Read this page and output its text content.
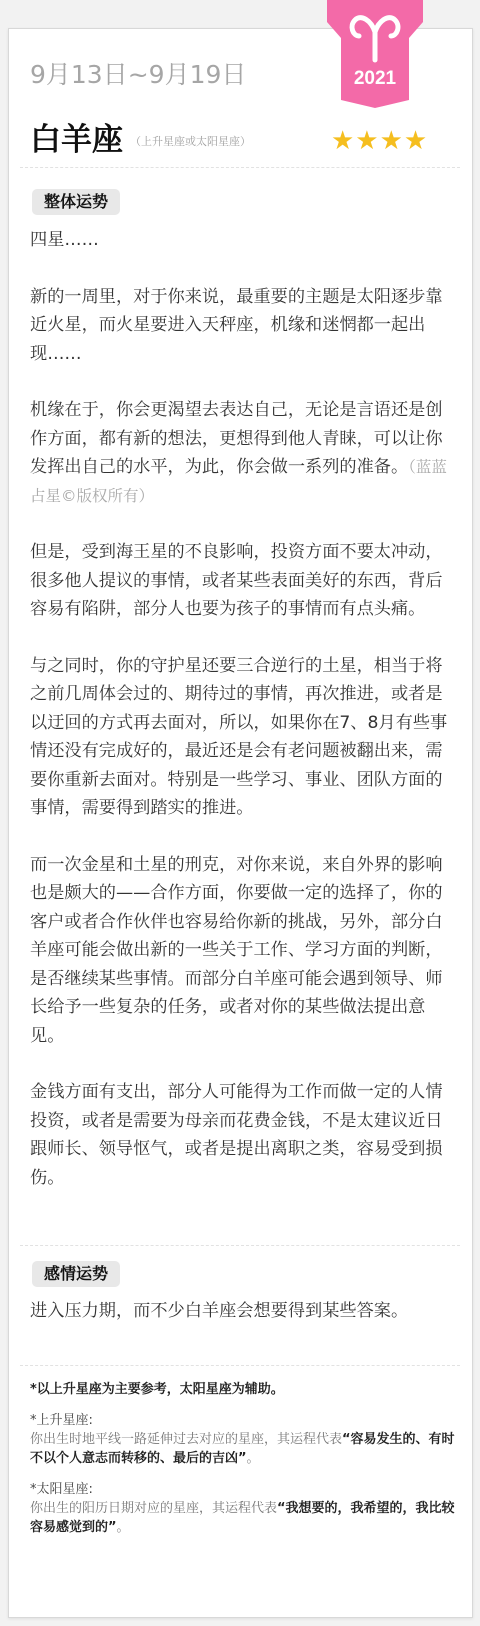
2021
9月13日~9月19日
白羊座 （上升星座或太阳星座）	★★★★
整体运势

四星……

新的一周里，对于你来说，最重要的主题是太阳逐步靠近火星，而火星要进入天秤座，机缘和迷惘都一起出现……

机缘在于，你会更渴望去表达自己，无论是言语还是创作方面，都有新的想法，更想得到他人青睐，可以让你发挥出自己的水平，为此，你会做一系列的准备。（蓝蓝占星©版权所有）

但是，受到海王星的不良影响，投资方面不要太冲动，很多他人提议的事情，或者某些表面美好的东西，背后容易有陷阱，部分人也要为孩子的事情而有点头痛。

与之同时，你的守护星还要三合逆行的土星，相当于将之前几周体会过的、期待过的事情，再次推进，或者是以迂回的方式再去面对，所以，如果你在7、8月有些事情还没有完成好的，最近还是会有老问题被翻出来，需要你重新去面对。特别是一些学习、事业、团队方面的事情，需要得到踏实的推进。

而一次金星和土星的刑克，对你来说，来自外界的影响也是颇大的——合作方面，你要做一定的选择了，你的客户或者合作伙伴也容易给你新的挑战，另外，部分白羊座可能会做出新的一些关于工作、学习方面的判断，是否继续某些事情。而部分白羊座可能会遇到领导、师长给予一些复杂的任务，或者对你的某些做法提出意见。

金钱方面有支出，部分人可能得为工作而做一定的人情投资，或者是需要为母亲而花费金钱，不是太建议近日跟师长、领导怄气，或者是提出离职之类，容易受到损伤。

感情运势

进入压力期，而不少白羊座会想要得到某些答案。

*以上升星座为主要参考，太阳星座为辅助。

*上升星座:

你出生时地平线一路延伸过去对应的星座，其运程代表“容易发生的、有时不以个人意志而转移的、最后的吉凶”。

*太阳星座:

你出生的阳历日期对应的星座，其运程代表“我想要的，我希望的，我比较容易感觉到的”。
